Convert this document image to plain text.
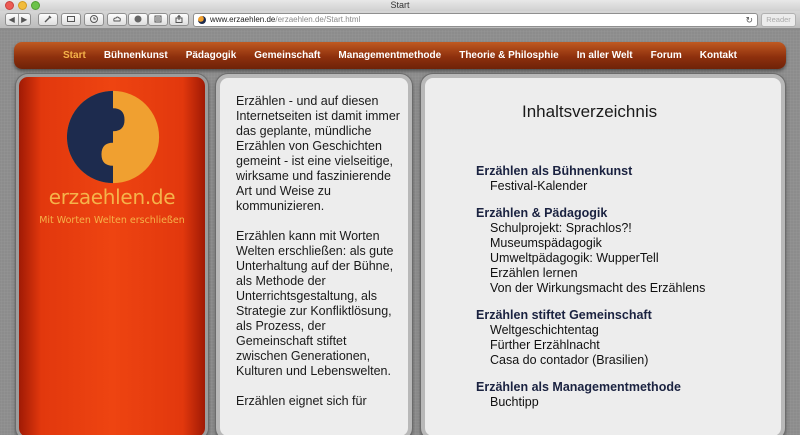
Start
◀ ▶	www.erzaehlen.de/erzaehlen.de/Start.html	↻	Reader
Start	Bühnenkunst	Pädagogik	Gemeinschaft	Managementmethode	Theorie & Philosphie	In aller Welt	Forum	Kontakt
erzaehlen.de
Mit Worten Welten erschließen

Erzählen - und auf diesen Internetseiten ist damit immer das geplante, mündliche Erzählen von Geschichten gemeint - ist eine vielseitige, wirksame und faszinierende Art und Weise zu kommunizieren.

Erzählen kann mit Worten Welten erschließen: als gute Unterhaltung auf der Bühne, als Methode der Unterrichtsgestaltung, als Strategie zur Konfliktlösung, als Prozess, der Gemeinschaft stiftet zwischen Generationen, Kulturen und Lebenswelten.

Erzählen eignet sich für

Inhaltsverzeichnis
Erzählen als Bühnenkunst
Festival-Kalender
Erzählen & Pädagogik
Schulprojekt: Sprachlos?!
Museumspädagogik
Umweltpädagogik: WupperTell
Erzählen lernen
Von der Wirkungsmacht des Erzählens
Erzählen stiftet Gemeinschaft
Weltgeschichtentag
Fürther Erzählnacht
Casa do contador (Brasilien)
Erzählen als Managementmethode
Buchtipp
